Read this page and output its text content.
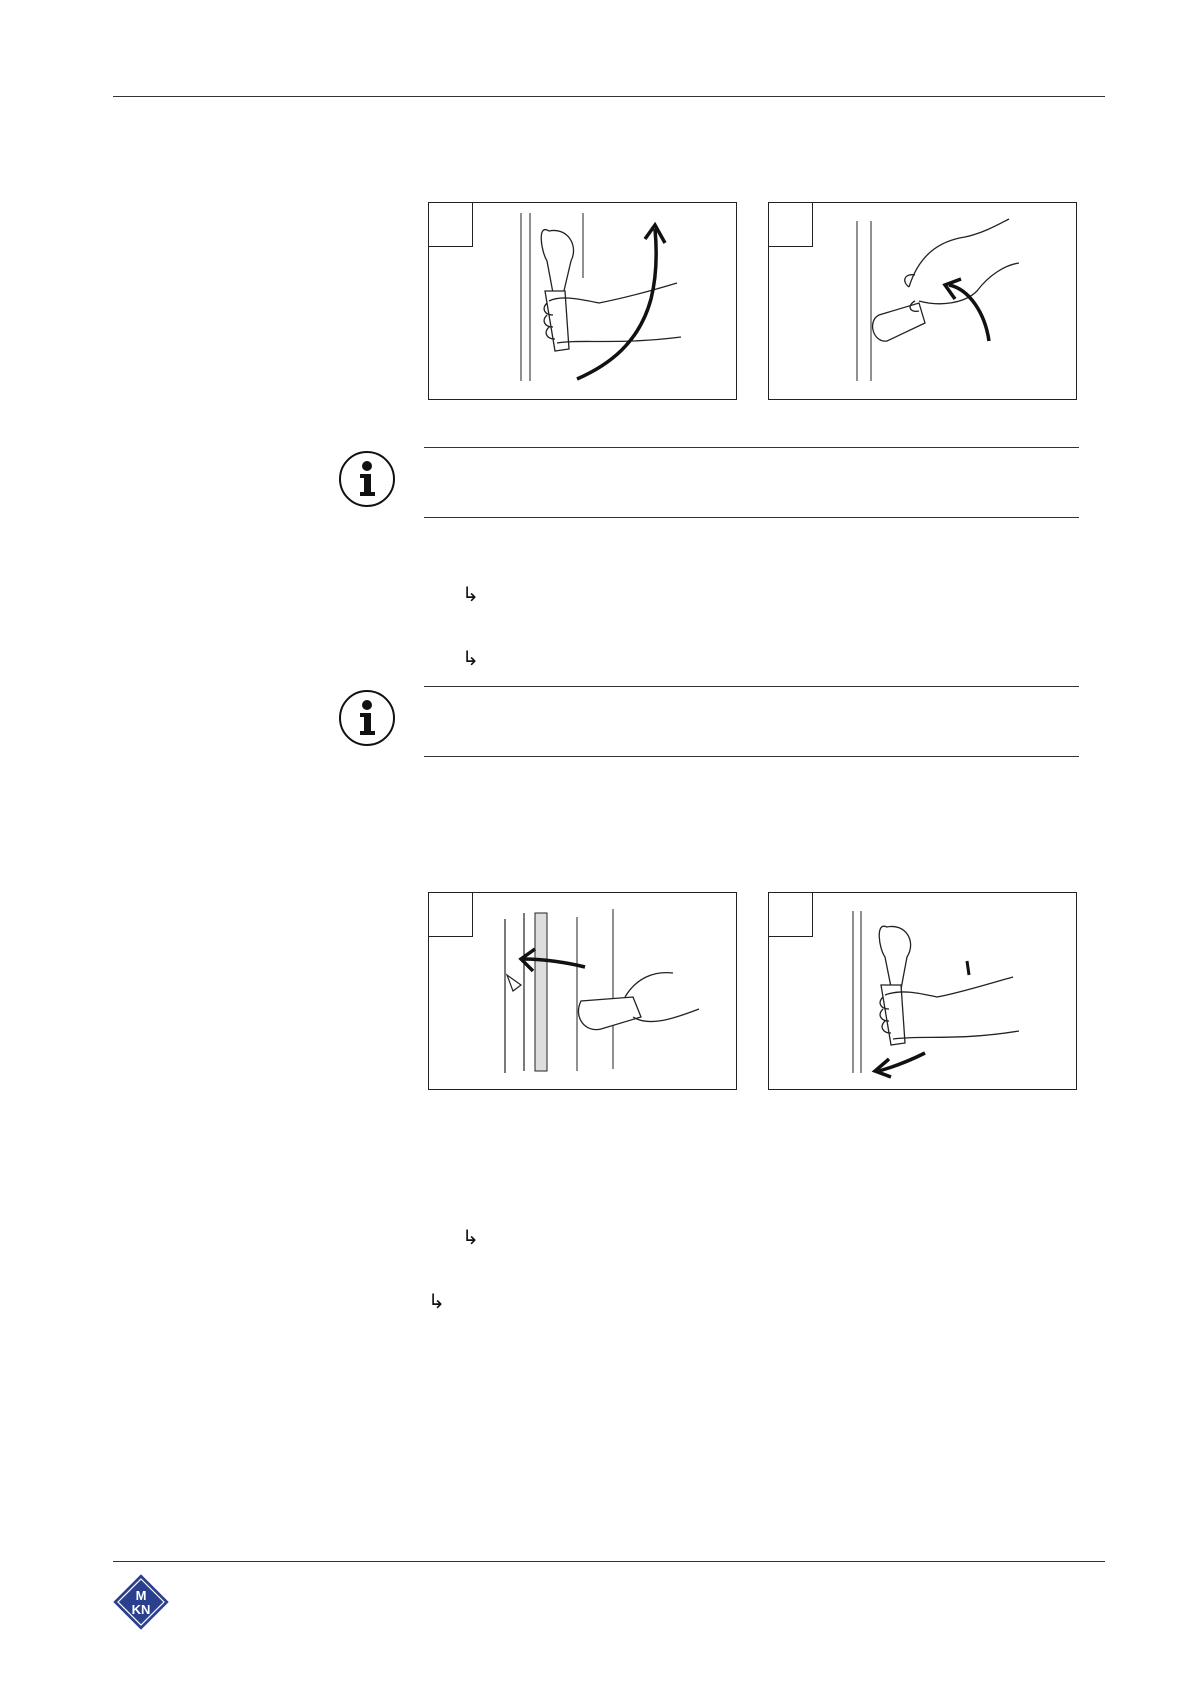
↳
↳
↳
↳
M
KN
